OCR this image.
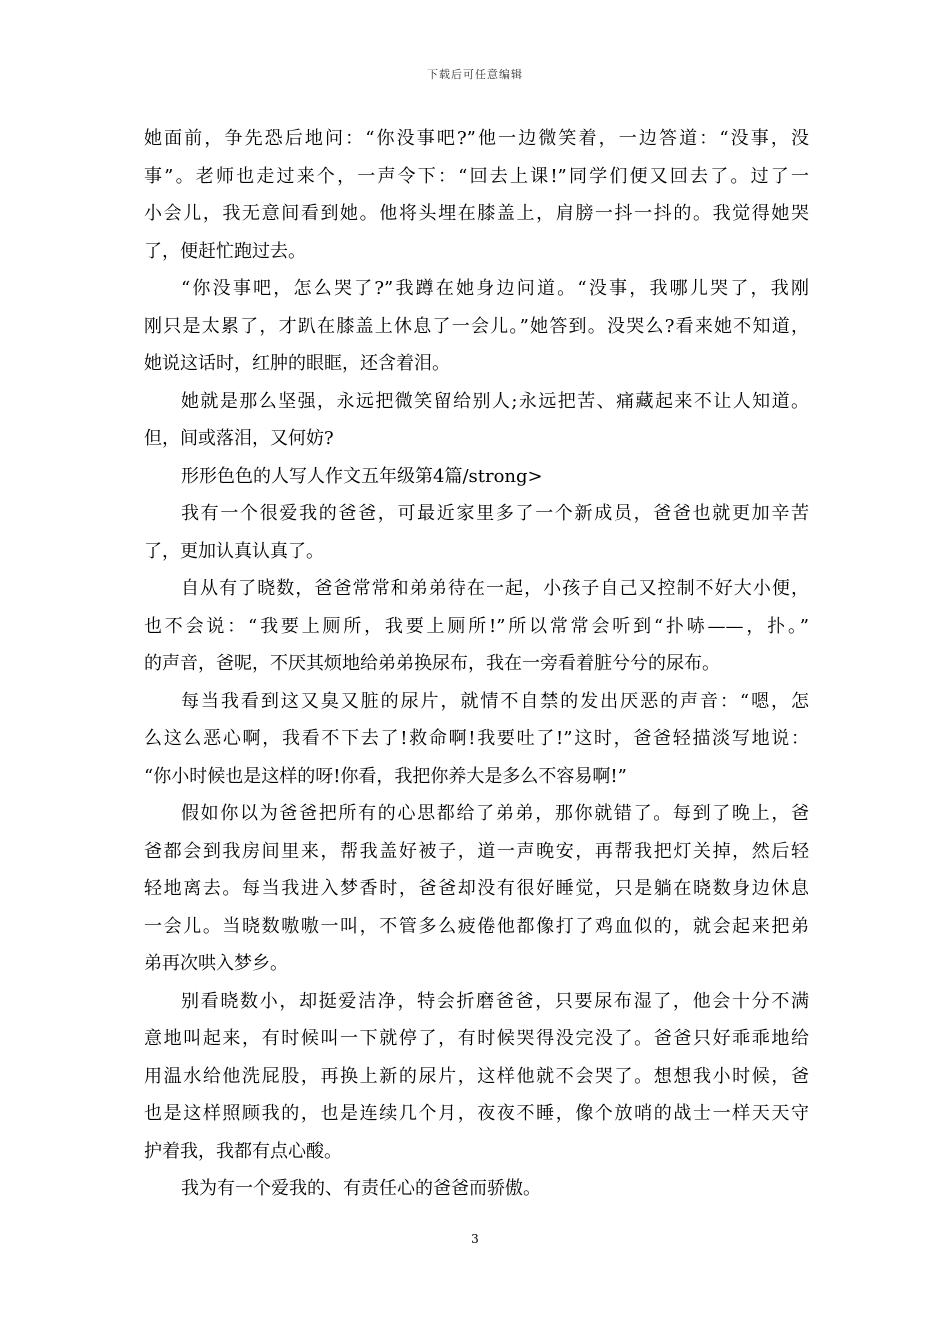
下载后可任意编辑
她面前，争先恐后地问：“你没事吧?”他一边微笑着，一边答道：“没事，没
事”。老师也走过来个，一声令下：“回去上课!”同学们便又回去了。过了一
小会儿，我无意间看到她。他将头埋在膝盖上，肩膀一抖一抖的。我觉得她哭
了，便赶忙跑过去。
“你没事吧，怎么哭了?”我蹲在她身边问道。“没事，我哪儿哭了，我刚
刚只是太累了，才趴在膝盖上休息了一会儿。”她答到。没哭么?看来她不知道，
她说这话时，红肿的眼眶，还含着泪。
她就是那么坚强，永远把微笑留给别人;永远把苦、痛藏起来不让人知道。
但，间或落泪，又何妨?
形形色色的人写人作文五年级第4篇/strong>
我有一个很爱我的爸爸，可最近家里多了一个新成员，爸爸也就更加辛苦
了，更加认真认真了。
自从有了晓数，爸爸常常和弟弟待在一起，小孩子自己又控制不好大小便，
也不会说：“我要上厕所，我要上厕所!”所以常常会听到“扑哧——，扑。”
的声音，爸呢，不厌其烦地给弟弟换尿布，我在一旁看着脏兮兮的尿布。
每当我看到这又臭又脏的尿片，就情不自禁的发出厌恶的声音：“嗯，怎
么这么恶心啊，我看不下去了!救命啊!我要吐了!”这时，爸爸轻描淡写地说：
“你小时候也是这样的呀!你看，我把你养大是多么不容易啊!”
假如你以为爸爸把所有的心思都给了弟弟，那你就错了。每到了晚上，爸
爸都会到我房间里来，帮我盖好被子，道一声晚安，再帮我把灯关掉，然后轻
轻地离去。每当我进入梦香时，爸爸却没有很好睡觉，只是躺在晓数身边休息
一会儿。当晓数嗷嗷一叫，不管多么疲倦他都像打了鸡血似的，就会起来把弟
弟再次哄入梦乡。
别看晓数小，却挺爱洁净，特会折磨爸爸，只要尿布湿了，他会十分不满
意地叫起来，有时候叫一下就停了，有时候哭得没完没了。爸爸只好乖乖地给
用温水给他洗屁股，再换上新的尿片，这样他就不会哭了。想想我小时候，爸
也是这样照顾我的，也是连续几个月，夜夜不睡，像个放哨的战士一样天天守
护着我，我都有点心酸。
我为有一个爱我的、有责任心的爸爸而骄傲。
3
